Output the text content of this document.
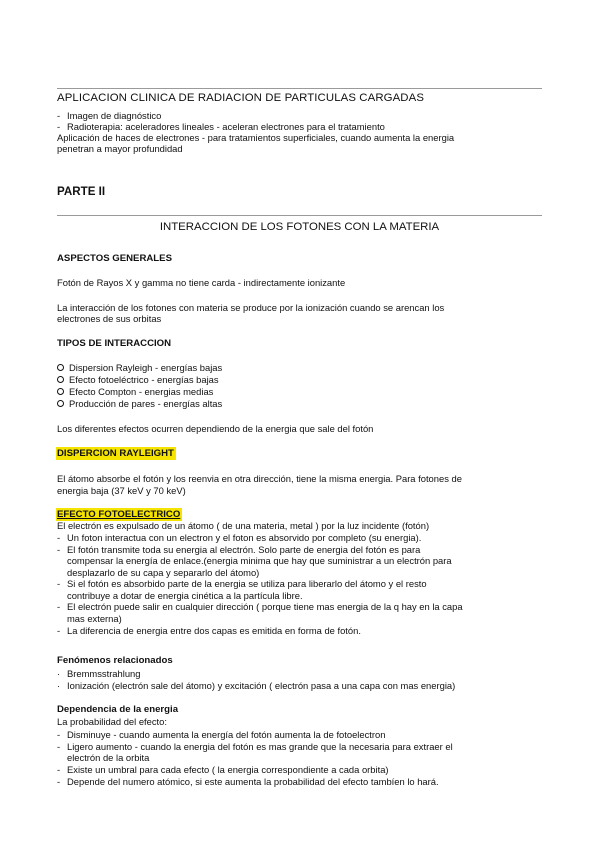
APLICACION CLINICA DE RADIACION DE PARTICULAS CARGADAS
- Imagen de diagnóstico
- Radioterapia: aceleradores lineales - aceleran electrones para el tratamiento
Aplicación de haces de electrones - para tratamientos superficiales, cuando aumenta la energia
penetran a mayor profundidad
PARTE II
INTERACCION DE LOS FOTONES CON LA MATERIA
ASPECTOS GENERALES
Fotón de Rayos X y gamma no tiene carda - indirectamente ionizante
La interacción de los fotones con materia se produce por la ionización cuando se arencan los
electrones de sus orbitas
TIPOS DE INTERACCION
Dispersion Rayleigh - energías bajas
Efecto fotoeléctrico - energías bajas
Efecto Compton - energias medias
Producción de pares - energías altas
Los diferentes efectos ocurren dependiendo de la energia que sale del fotón
DISPERCION RAYLEIGHT
El átomo absorbe el fotón y los reenvia en otra dirección, tiene la misma energia. Para fotones de
energia baja (37 keV y 70 keV)
EFECTO FOTOELECTRICO
El electrón es expulsado de un átomo ( de una materia, metal ) por la luz incidente (fotón)
- Un foton interactua con un electron y el foton es absorvido por completo (su energia).
- El fotón transmite toda su energia al electrón. Solo parte de energia del fotón es para
compensar la energía de enlace.(energia minima que hay que suministrar a un electrón para
desplazarlo de su capa y separarlo del átomo)
- Si el fotón es absorbido parte de la energia se utiliza para liberarlo del átomo y el resto
contribuye a dotar de energia cinética a la partícula libre.
- El electrón puede salir en cualquier dirección ( porque tiene mas energia de la q hay en la capa
mas externa)
- La diferencia de energia entre dos capas es emitida en forma de fotón.
Fenómenos relacionados
· Bremmsstrahlung
· Ionización (electrón sale del átomo) y excitación ( electrón pasa a una capa con mas energia)
Dependencia de la energia
La probabilidad del efecto:
- Disminuye - cuando aumenta la energía del fotón aumenta la de fotoelectron
- Ligero aumento - cuando la energia del fotón es mas grande que la necesaria para extraer el
electrón de la orbita
- Existe un umbral para cada efecto ( la energia correspondiente a cada orbita)
- Depende del numero atómico, si este aumenta la probabilidad del efecto tambíen lo hará.
